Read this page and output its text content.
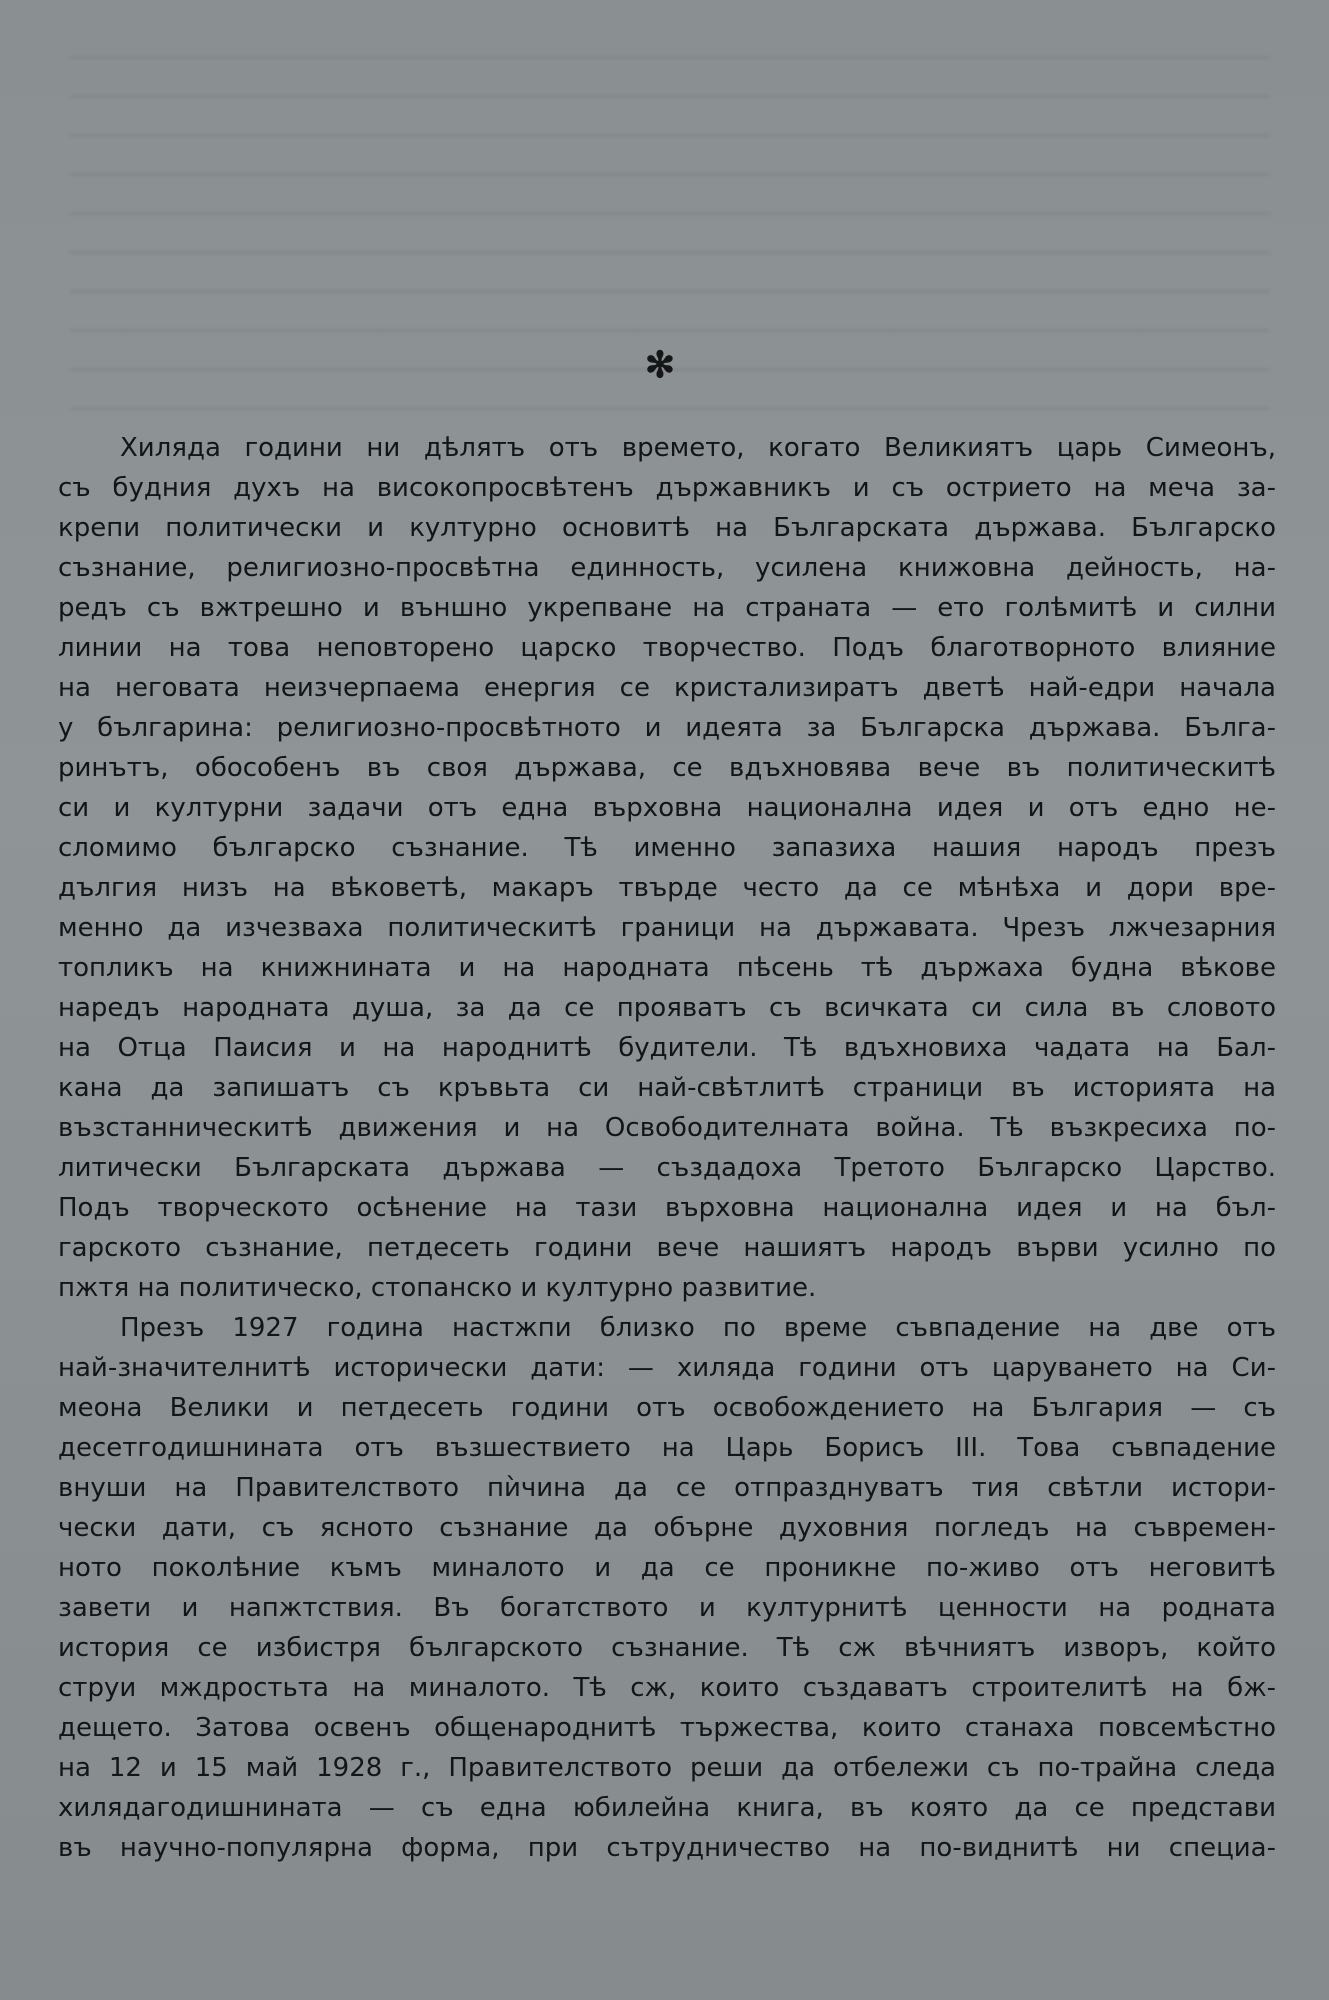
✻
Хиляда години ни дѣлятъ отъ времето, когато Великиятъ царь Симеонъ,
съ будния духъ на високопросвѣтенъ държавникъ и съ острието на меча за-
крепи политически и културно основитѣ на Българската държава. Българско
съзнание, религиозно-просвѣтна единность, усилена книжовна дейность, на-
редъ съ вжтрешно и външно укрепване на страната — ето голѣмитѣ и силни
линии на това неповторено царско творчество. Подъ благотворното влияние
на неговата неизчерпаема енергия се кристализиратъ двeтѣ най-едри начала
у българина: религиозно-просвѣтното и идеята за Българска държава. Бълга-
ринътъ, обособенъ въ своя държава, се вдъхновява вече въ политическитѣ
си и културни задачи отъ една върховна национална идея и отъ едно не-
сломимо българско съзнание. Тѣ именно запазиха нашия народъ презъ
дългия низъ на вѣковетѣ, макаръ твърде често да се мѣнѣха и дори вре-
менно да изчезваха политическитѣ граници на държавата. Чрезъ лжчезарния
топликъ на книжнината и на народната пѣсень тѣ държаха будна вѣкове
наредъ народната душа, за да се прояватъ съ всичката си сила въ словото
на Отца Паисия и на народнитѣ будители. Тѣ вдъхновиха чадата на Бал-
кана да запишатъ съ кръвьта си най-свѣтлитѣ страници въ историята на
възстанническитѣ движения и на Освободителната война. Тѣ възкресиха по-
литически Българската държава — създадоха Третото Българско Царство.
Подъ творческото осѣнение на тази върховна национална идея и на бъл-
гарското съзнание, петдесеть години вече нашиятъ народъ върви усилно по
пжтя на политическо, стопанско и културно развитие.
Презъ 1927 година настжпи близко по време съвпадение на две отъ
най-значителнитѣ исторически дати: — хиляда години отъ царуването на Си-
меона Велики и петдесеть години отъ освобождението на България — съ
десетгодишнината отъ възшествието на Царь Борисъ III. Това съвпадение
внуши на Правителството пѝчина да се отпразднуватъ тия свѣтли истори-
чески дати, съ ясното съзнание да обърне духовния погледъ на съвремен-
ното поколѣние къмъ миналото и да се проникне по-живо отъ неговитѣ
завети и напжтствия. Въ богатството и културнитѣ ценности на родната
история се избистря българското съзнание. Тѣ сж вѣчниятъ изворъ, който
струи мждростьта на миналото. Тѣ сж, които създаватъ строителитѣ на бж-
дещето. Затова освенъ общенароднитѣ тържества, които станаха повсемѣстно
на 12 и 15 май 1928 г., Правителството реши да отбележи съ по-трайна следа
хилядагодишнината — съ една юбилейна книга, въ която да се представи
въ научно-популярна форма, при сътрудничество на по-виднитѣ ни специа-
